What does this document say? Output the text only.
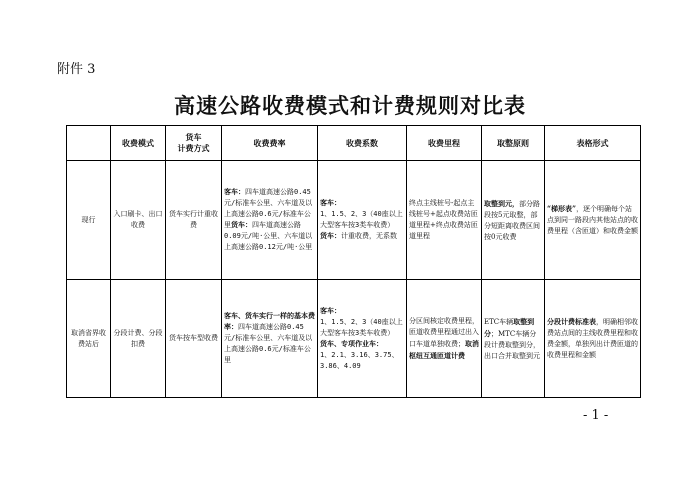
附件 3
高速公路收费模式和计费规则对比表
	收费模式	货车
计费方式	收费费率	收费系数	收费里程	取整原则	表格形式
现行	入口刷卡、出口收费	货车实行计重收费	客车：四车道高速公路0.45元/标准车公里、六车道及以上高速公路0.6元/标准车公里货车：四车道高速公路0.09元/吨·公里、六车道以上高速公路0.12元/吨·公里	客车：
1、1.5、2、3（40座以上大型客车按3类车收费）
货车：计重收费，无系数	终点主线桩号-起点主线桩号+起点收费站匝道里程+终点收费站匝道里程	取整到元，部分路段按5元取整，部分短距离收费区间按0元收费	“梯形表”，逐个明确每个站点到同一路段内其他站点的收费里程（含匝道）和收费金额
取消省界收费站后	分段计费、分段扣费	货车按车型收费	客车、货车实行一样的基本费率：四车道高速公路0.45元/标准车公里、六车道及以上高速公路0.6元/标准车公里	客车：
1、1.5、2、3（40座以上大型客车按3类车收费）
货车、专项作业车：
1、2.1、3.16、3.75、3.86、4.09	分区间核定收费里程，匝道收费里程通过出入口车道单独收费；取消枢纽互通匝道计费	ETC车辆取整到分；MTC车辆分段计费取整到分，出口合并取整到元	分段计费标准表，明确相邻收费站点间的主线收费里程和收费金额，单独列出计费匝道的收费里程和金额
- 1 -
